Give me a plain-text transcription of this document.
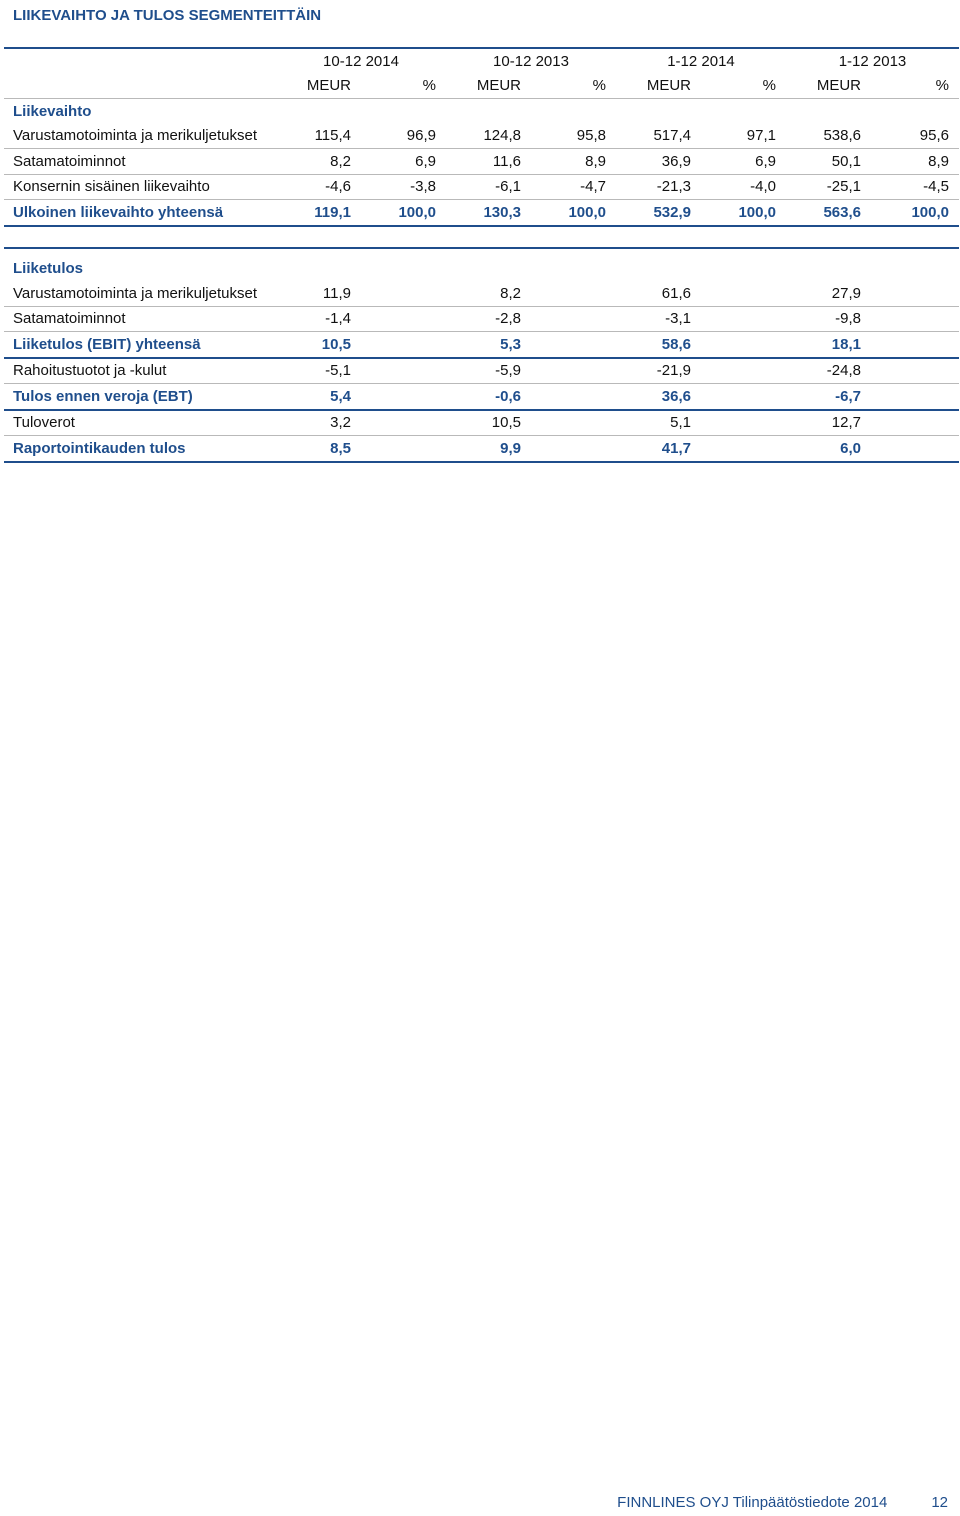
LIIKEVAIHTO JA TULOS SEGMENTEITTÄIN
	10-12 2014		10-12 2013		1-12 2014		1-12 2013	
	MEUR	%	MEUR	%	MEUR	%	MEUR	%
Liikevaihto								
Varustamotoiminta ja merikuljetukset	115,4	96,9	124,8	95,8	517,4	97,1	538,6	95,6
Satamatoiminnot	8,2	6,9	11,6	8,9	36,9	6,9	50,1	8,9
Konsernin sisäinen liikevaihto	-4,6	-3,8	-6,1	-4,7	-21,3	-4,0	-25,1	-4,5
Ulkoinen liikevaihto yhteensä	119,1	100,0	130,3	100,0	532,9	100,0	563,6	100,0

Liiketulos								
Varustamotoiminta ja merikuljetukset	11,9		8,2		61,6		27,9	
Satamatoiminnot	-1,4		-2,8		-3,1		-9,8	
Liiketulos (EBIT) yhteensä	10,5		5,3		58,6		18,1	
Rahoitustuotot ja -kulut	-5,1		-5,9		-21,9		-24,8	
Tulos ennen veroja (EBT)	5,4		-0,6		36,6		-6,7	
Tuloverot	3,2		10,5		5,1		12,7	
Raportointikauden tulos	8,5		9,9		41,7		6,0	
FINNLINES OYJ Tilinpäätöstiedote 2014	12
